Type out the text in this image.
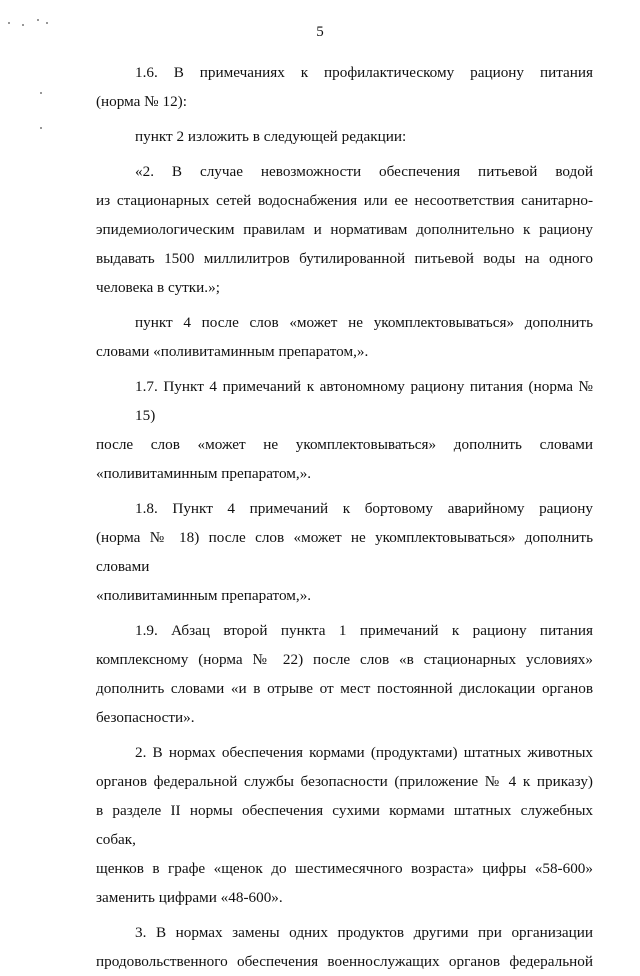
5

1.6. В примечаниях к профилактическому рациону питания
(норма № 12):

пункт 2 изложить в следующей редакции:

«2. В случае невозможности обеспечения питьевой водой
из стационарных сетей водоснабжения или ее несоответствия санитарно-
эпидемиологическим правилам и нормативам дополнительно к рациону
выдавать 1500 миллилитров бутилированной питьевой воды на одного
человека в сутки.»;

пункт 4 после слов «может не укомплектовываться» дополнить
словами «поливитаминным препаратом,».

1.7. Пункт 4 примечаний к автономному рациону питания (норма № 15)
после слов «может не укомплектовываться» дополнить словами
«поливитаминным препаратом,».

1.8. Пункт 4 примечаний к бортовому аварийному рациону
(норма № 18) после слов «может не укомплектовываться» дополнить словами
«поливитаминным препаратом,».

1.9. Абзац второй пункта 1 примечаний к рациону питания
комплексному (норма № 22) после слов «в стационарных условиях»
дополнить словами «и в отрыве от мест постоянной дислокации органов
безопасности».

2. В нормах обеспечения кормами (продуктами) штатных животных
органов федеральной службы безопасности (приложение № 4 к приказу)
в разделе II нормы обеспечения сухими кормами штатных служебных собак,
щенков в графе «щенок до шестимесячного возраста» цифры «58-600»
заменить цифрами «48-600».

3. В нормах замены одних продуктов другими при организации
продовольственного обеспечения военнослужащих органов федеральной
